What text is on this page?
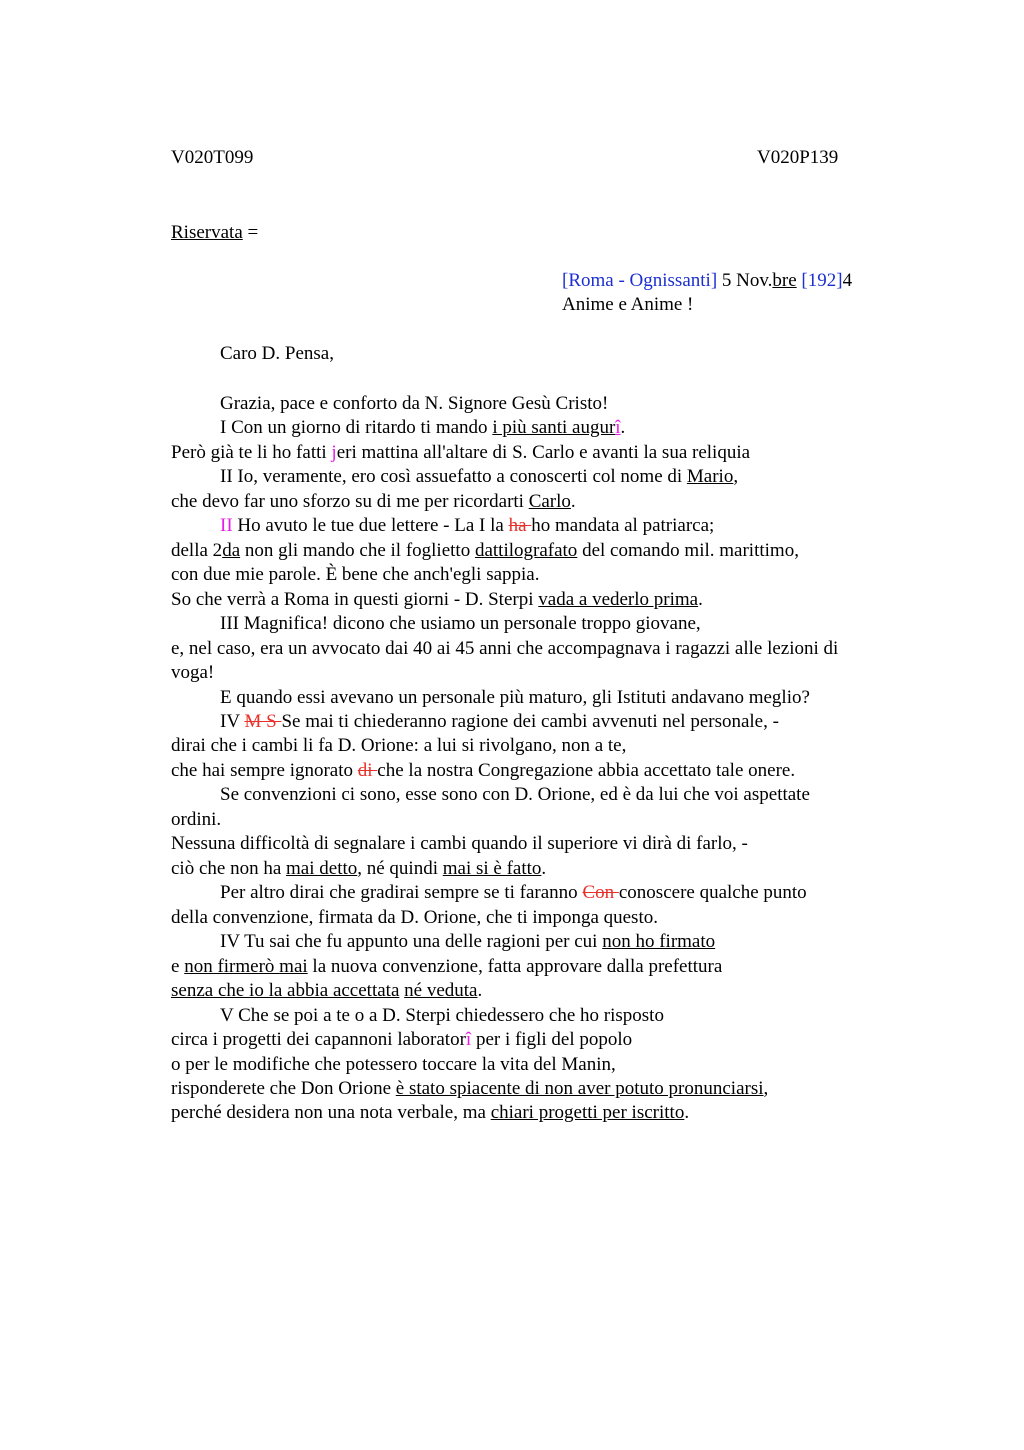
V020T099	V020P139
Riservata =
[Roma - Ognissanti] 5 Nov.bre [192]4
Anime e Anime !
Caro D. Pensa,
Grazia, pace e conforto da N. Signore Gesù Cristo!
I Con un giorno di ritardo ti mando i più santi augurî.
Però già te li ho fatti jeri mattina all'altare di S. Carlo e avanti la sua reliquia
II Io, veramente, ero così assuefatto a conoscerti col nome di Mario,
che devo far uno sforzo su di me per ricordarti Carlo.
II Ho avuto le tue due lettere - La I la ha ho mandata al patriarca;
della 2da non gli mando che il foglietto dattilografato del comando mil. marittimo,
con due mie parole. È bene che anch'egli sappia.
So che verrà a Roma in questi giorni - D. Sterpi vada a vederlo prima.
III Magnifica! dicono che usiamo un personale troppo giovane,
e, nel caso, era un avvocato dai 40 ai 45 anni che accompagnava i ragazzi alle lezioni di
voga!
E quando essi avevano un personale più maturo, gli Istituti andavano meglio?
IV M S Se mai ti chiederanno ragione dei cambi avvenuti nel personale, -
dirai che i cambi li fa D. Orione: a lui si rivolgano, non a te,
che hai sempre ignorato di che la nostra Congregazione abbia accettato tale onere.
Se convenzioni ci sono, esse sono con D. Orione, ed è da lui che voi aspettate
ordini.
Nessuna difficoltà di segnalare i cambi quando il superiore vi dirà di farlo, -
ciò che non ha mai detto, né quindi mai si è fatto.
Per altro dirai che gradirai sempre se ti faranno Con conoscere qualche punto
della convenzione, firmata da D. Orione, che ti imponga questo.
IV Tu sai che fu appunto una delle ragioni per cui non ho firmato
e non firmerò mai la nuova convenzione, fatta approvare dalla prefettura
senza che io la abbia accettata né veduta.
V Che se poi a te o a D. Sterpi chiedessero che ho risposto
circa i progetti dei capannoni laboratorî per i figli del popolo
o per le modifiche che potessero toccare la vita del Manin,
risponderete che Don Orione è stato spiacente di non aver potuto pronunciarsi,
perché desidera non una nota verbale, ma chiari progetti per iscritto.
